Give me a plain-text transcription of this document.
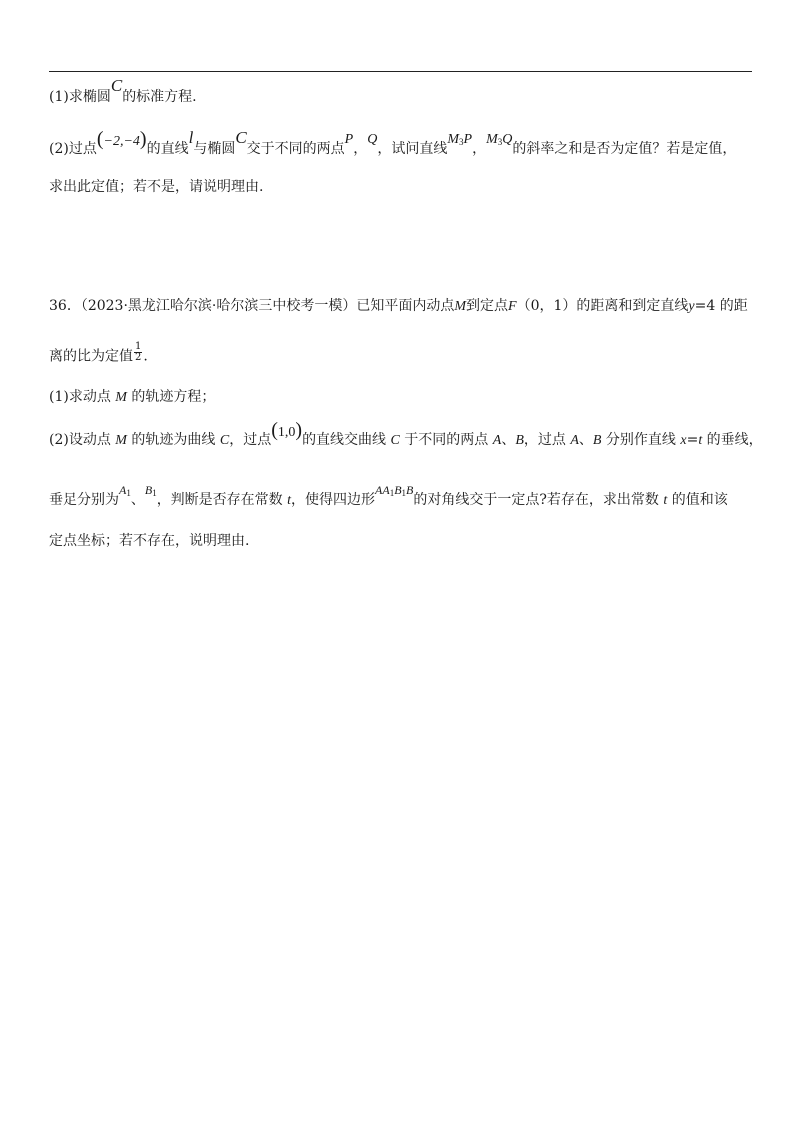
(1)求椭圆C的标准方程.
(2)过点(−2,−4)的直线l与椭圆C交于不同的两点P，Q，试问直线M3P，M3Q的斜率之和是否为定值？若是定值，
求出此定值；若不是，请说明理由.
36．（2023·黑龙江哈尔滨·哈尔滨三中校考一模）已知平面内动点M到定点F（0，1）的距离和到定直线y=4 的距
离的比为定值 $\frac{1}{2}$ .
(1)求动点 M 的轨迹方程；
(2)设动点 M 的轨迹为曲线 C，过点(1,0)的直线交曲线 C 于不同的两点 A、B，过点 A、B 分别作直线 x=t 的垂线，
垂足分别为A1、B1，判断是否存在常数 t，使得四边形AA1B1B的对角线交于一定点?若存在，求出常数 t 的值和该
定点坐标；若不存在，说明理由.
